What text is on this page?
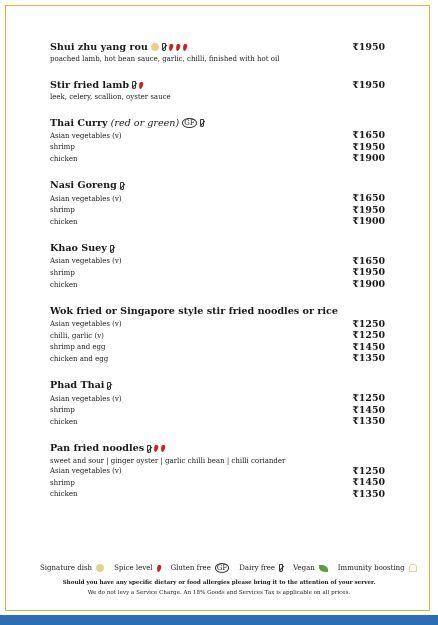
Shui zhu yang rou	₹1950
poached lamb, hot bean sauce, garlic, chilli, finished with hot oil
Stir fried lamb	₹1950
leek, celery, scallion, oyster sauce
Thai Curry (red or green) GF
Asian vegetables (v)	₹1650
shrimp	₹1950
chicken	₹1900
Nasi Goreng
Asian vegetables (v)	₹1650
shrimp	₹1950
chicken	₹1900
Khao Suey
Asian vegetables (v)	₹1650
shrimp	₹1950
chicken	₹1900
Wok fried or Singapore style stir fried noodles or rice
Asian vegetables (v)	₹1250
chilli, garlic (v)	₹1250
shrimp and egg	₹1450
chicken and egg	₹1350
Phad Thai
Asian vegetables (v)	₹1250
shrimp	₹1450
chicken	₹1350
Pan fried noodles
sweet and sour | ginger oyster | garlic chilli bean | chilli coriander
Asian vegetables (v)	₹1250
shrimp	₹1450
chicken	₹1350
Signature dish	Spice level	Gluten free GF Dairy free	Vegan	Immunity boosting
Should you have any specific dietary or food allergies please bring it to the attention of your server.
We do not levy a Service Charge. An 18% Goods and Services Tax is applicable on all prices.
